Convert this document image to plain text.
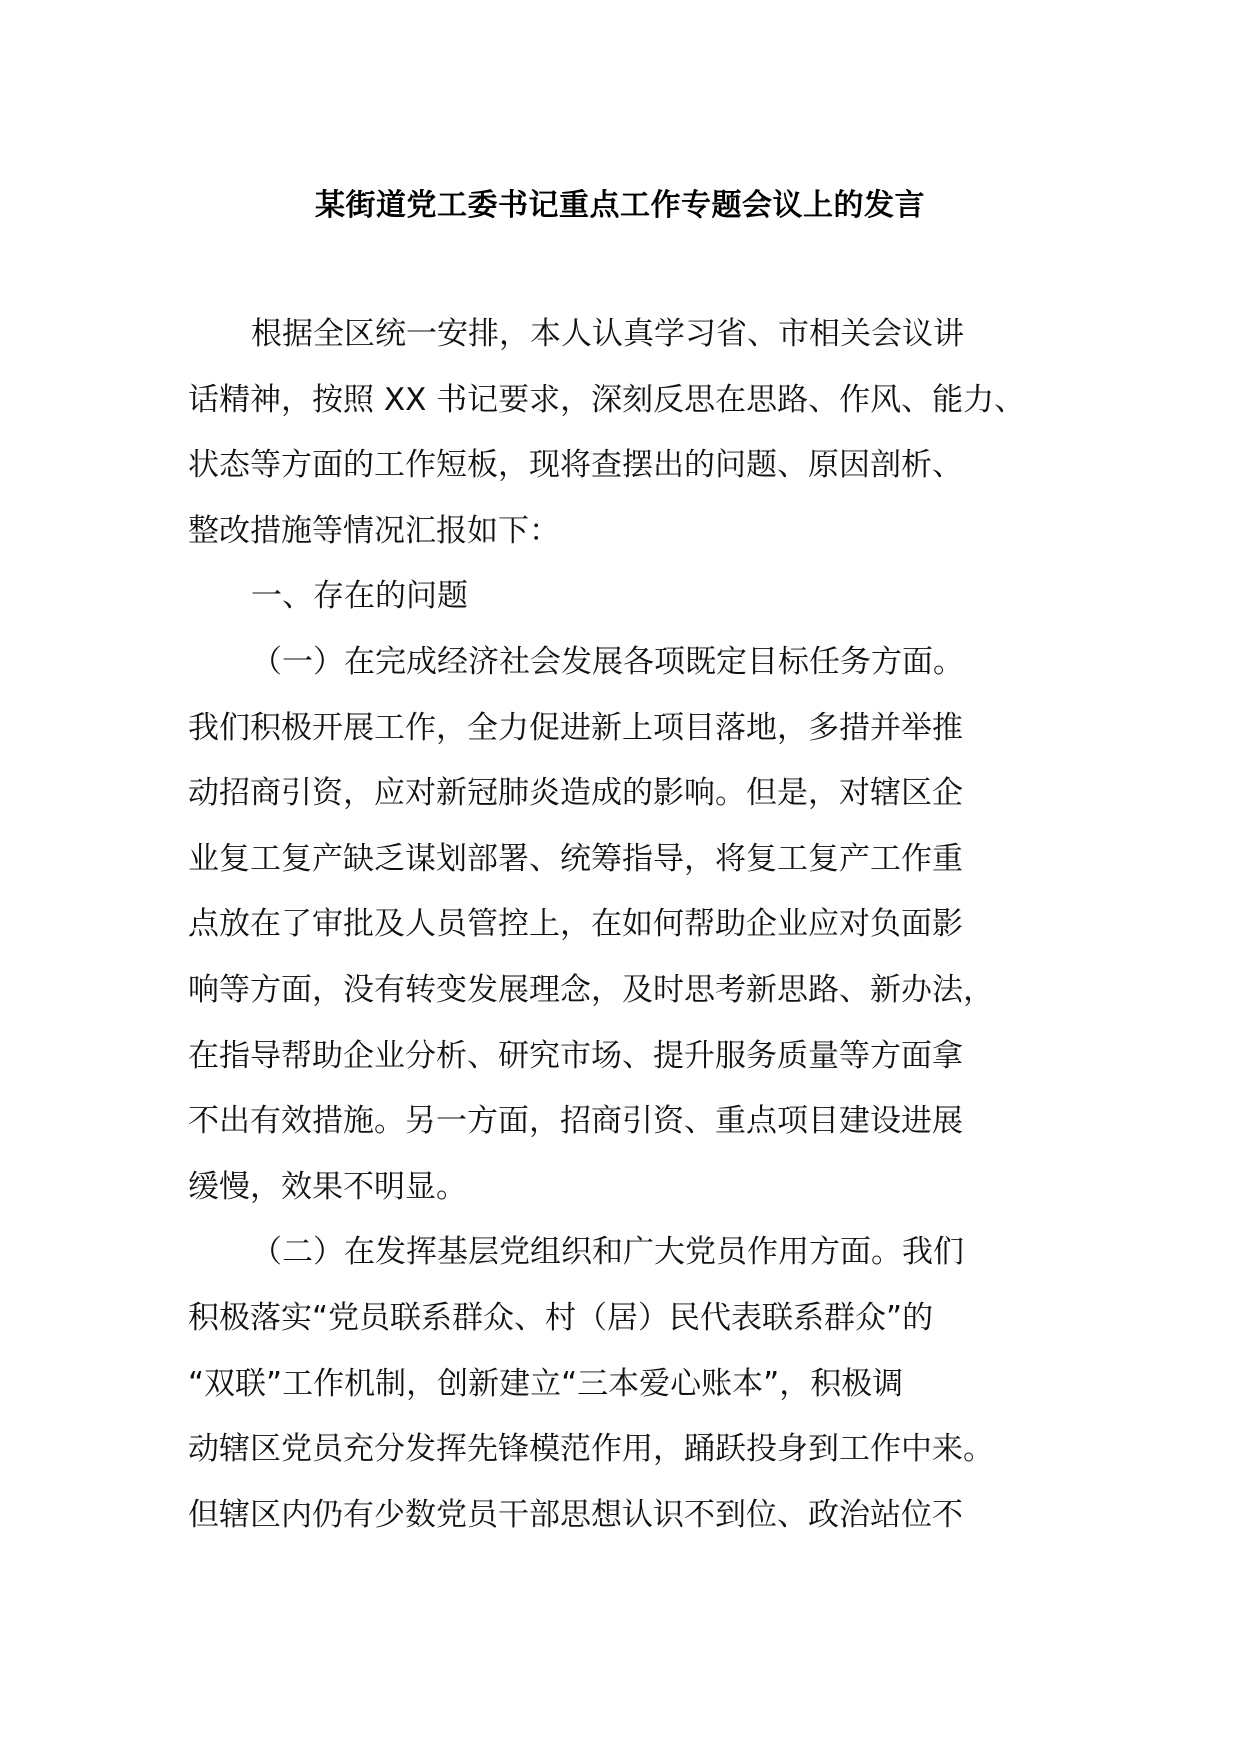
某街道党工委书记重点工作专题会议上的发言
根据全区统一安排，本人认真学习省、市相关会议讲
话精神，按照 XX 书记要求，深刻反思在思路、作风、能力、
状态等方面的工作短板，现将查摆出的问题、原因剖析、
整改措施等情况汇报如下：
一、存在的问题
（一）在完成经济社会发展各项既定目标任务方面。
我们积极开展工作，全力促进新上项目落地，多措并举推
动招商引资，应对新冠肺炎造成的影响。但是，对辖区企
业复工复产缺乏谋划部署、统筹指导，将复工复产工作重
点放在了审批及人员管控上，在如何帮助企业应对负面影
响等方面，没有转变发展理念，及时思考新思路、新办法，
在指导帮助企业分析、研究市场、提升服务质量等方面拿
不出有效措施。另一方面，招商引资、重点项目建设进展
缓慢，效果不明显。
（二）在发挥基层党组织和广大党员作用方面。我们
积极落实“党员联系群众、村（居）民代表联系群众”的
“双联”工作机制，创新建立“三本爱心账本”，积极调
动辖区党员充分发挥先锋模范作用，踊跃投身到工作中来。
但辖区内仍有少数党员干部思想认识不到位、政治站位不
